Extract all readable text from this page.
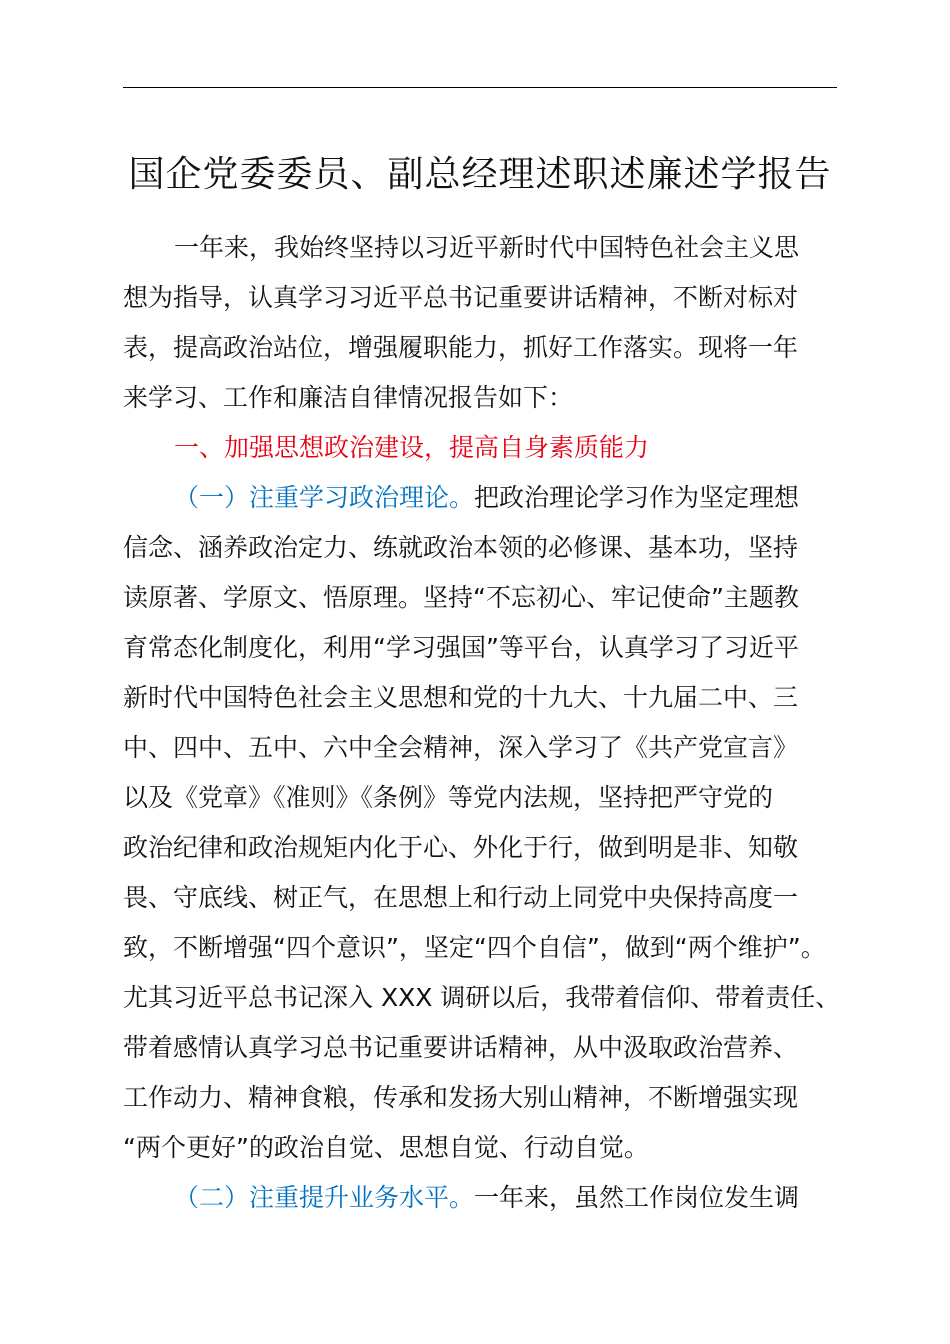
国企党委委员、副总经理述职述廉述学报告
一年来，我始终坚持以习近平新时代中国特色社会主义思
想为指导，认真学习习近平总书记重要讲话精神，不断对标对
表，提高政治站位，增强履职能力，抓好工作落实。现将一年
来学习、工作和廉洁自律情况报告如下：
一、加强思想政治建设，提高自身素质能力
（一）注重学习政治理论。把政治理论学习作为坚定理想
信念、涵养政治定力、练就政治本领的必修课、基本功，坚持
读原著、学原文、悟原理。坚持“不忘初心、牢记使命”主题教
育常态化制度化，利用“学习强国”等平台，认真学习了习近平
新时代中国特色社会主义思想和党的十九大、十九届二中、三
中、四中、五中、六中全会精神，深入学习了《共产党宣言》
以及《党章》《准则》《条例》等党内法规，坚持把严守党的
政治纪律和政治规矩内化于心、外化于行，做到明是非、知敬
畏、守底线、树正气，在思想上和行动上同党中央保持高度一
致，不断增强“四个意识”，坚定“四个自信”，做到“两个维护”。
尤其习近平总书记深入 XXX 调研以后，我带着信仰、带着责任、
带着感情认真学习总书记重要讲话精神，从中汲取政治营养、
工作动力、精神食粮，传承和发扬大别山精神，不断增强实现
“两个更好”的政治自觉、思想自觉、行动自觉。
（二）注重提升业务水平。一年来，虽然工作岗位发生调
